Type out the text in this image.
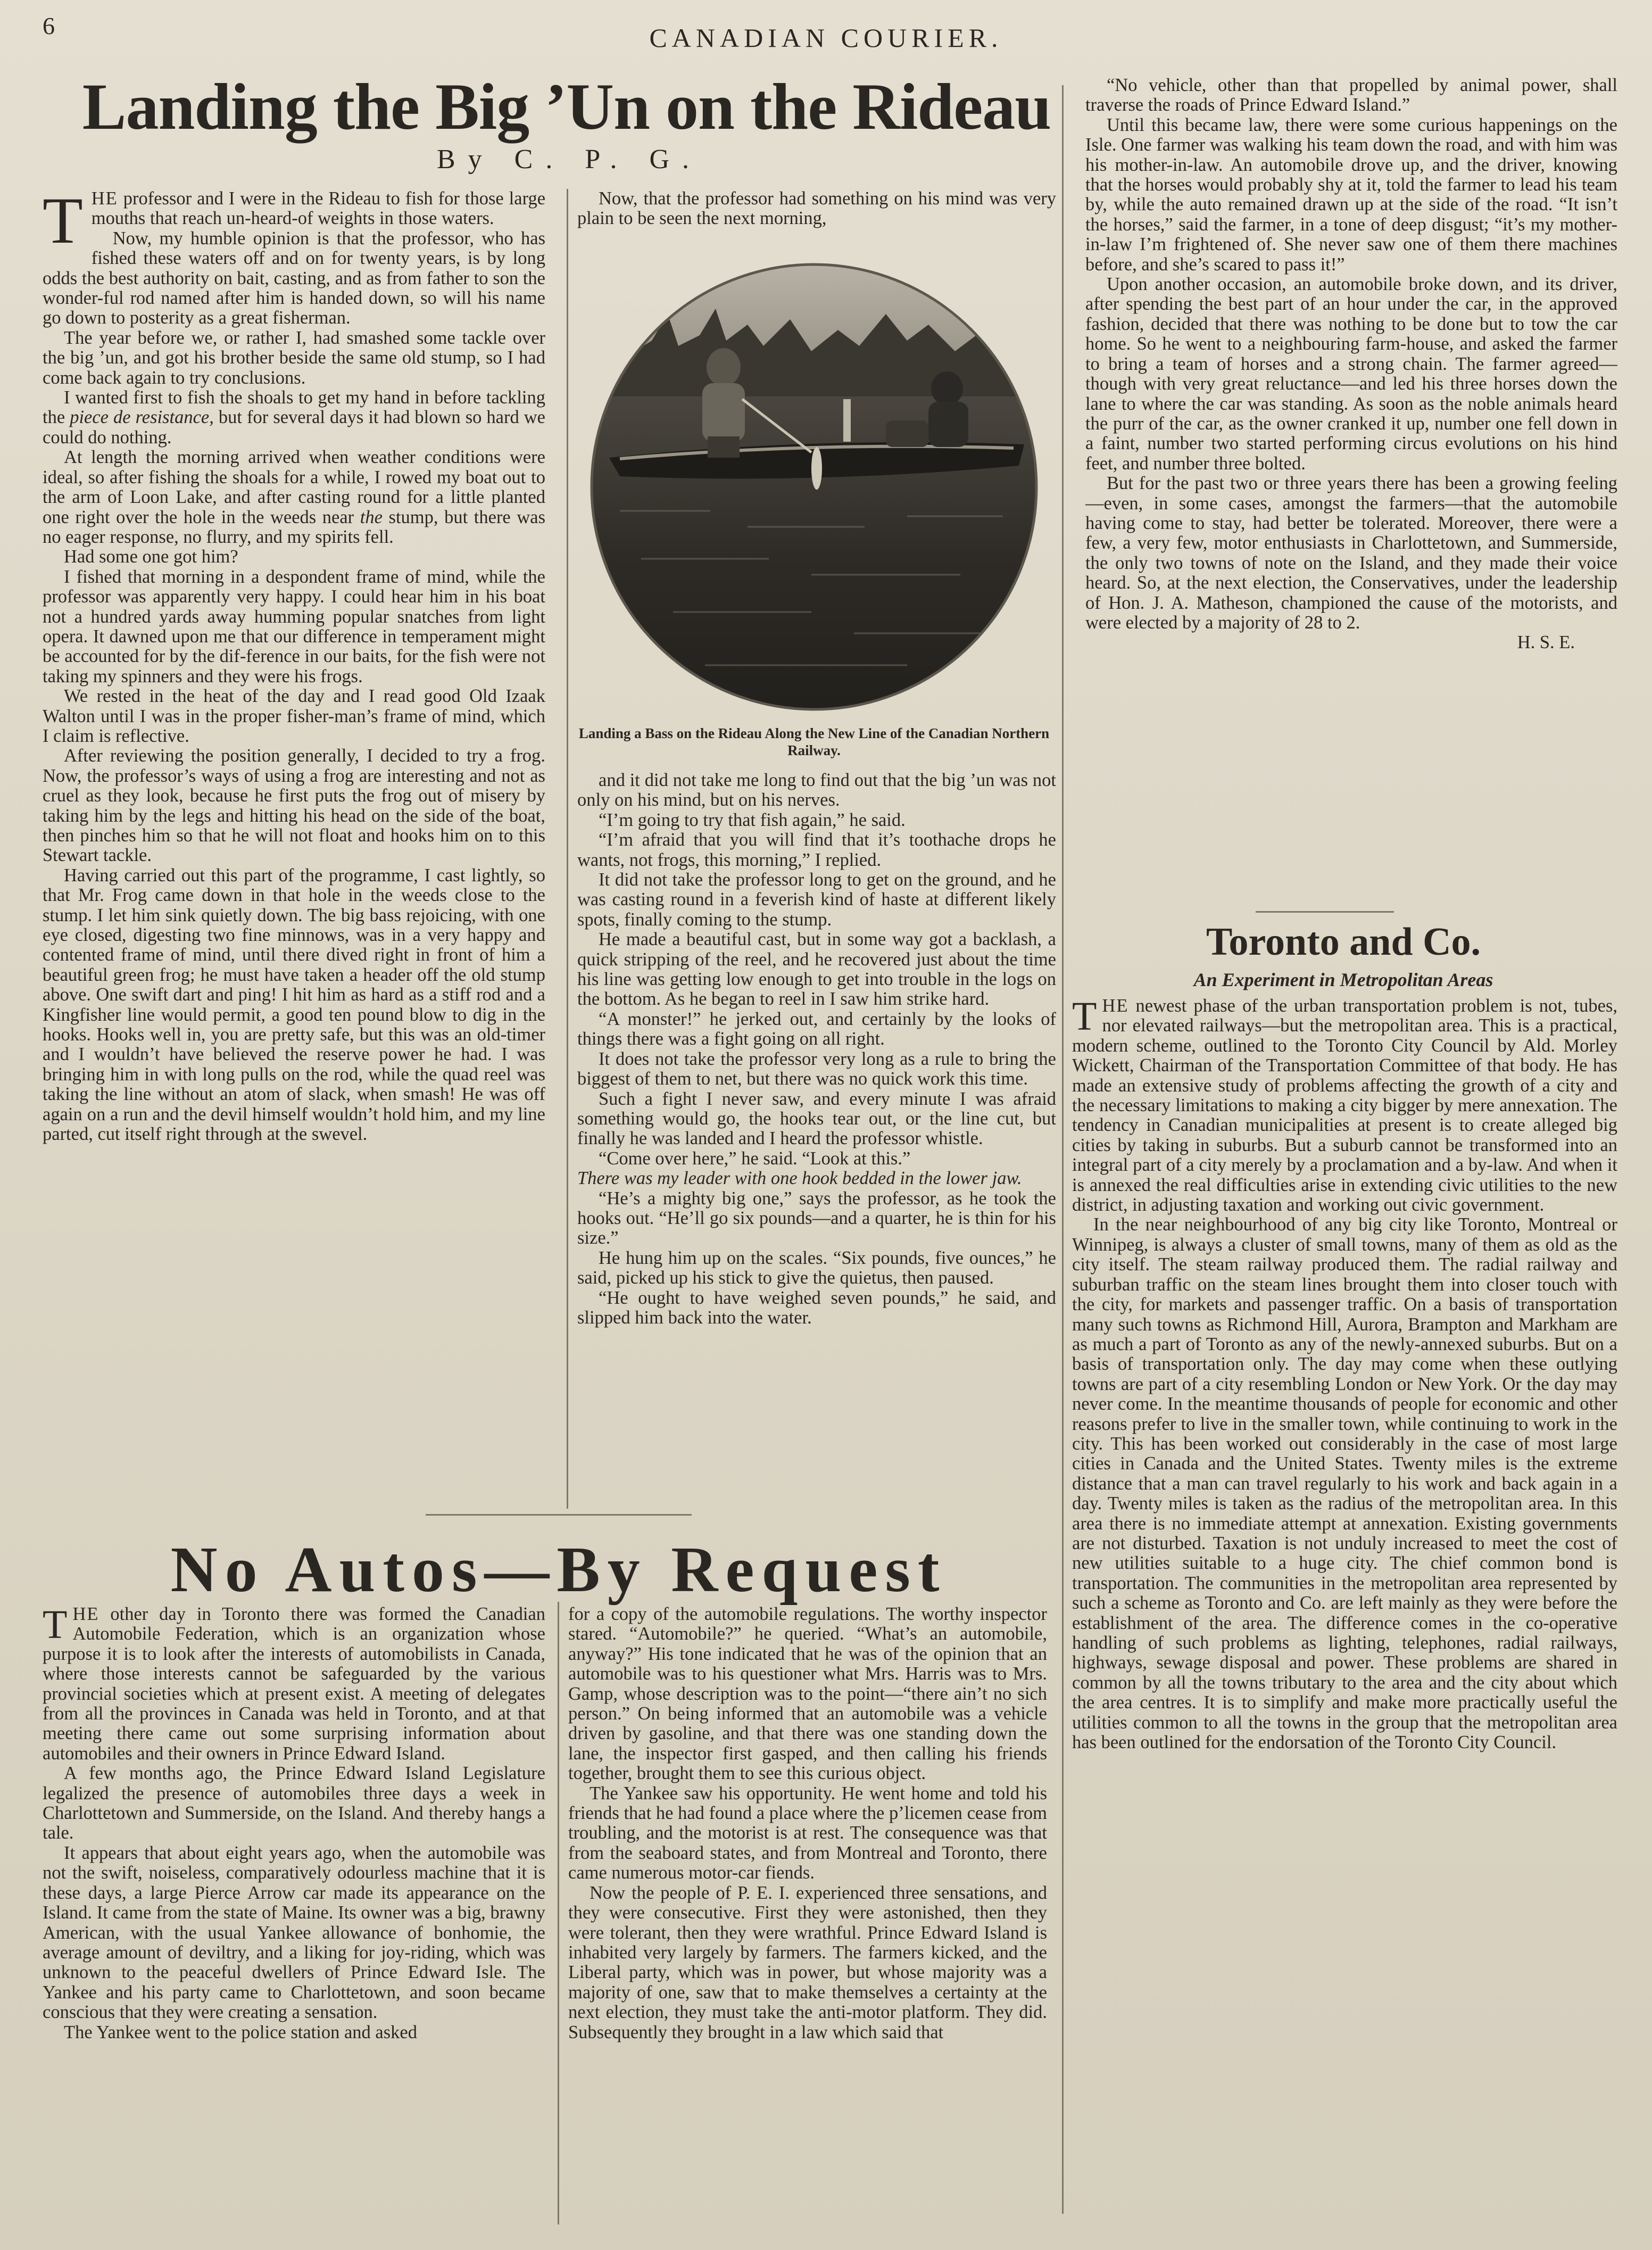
6	CANADIAN COURIER.
Landing the Big ’Un on the Rideau
By C. P. G.

THE professor and I were in the Rideau to fish for those large mouths that reach un-heard-of weights in those waters.

Now, my humble opinion is that the professor, who has fished these waters off and on for twenty years, is by long odds the best authority on bait, casting, and as from father to son the wonder-ful rod named after him is handed down, so will his name go down to posterity as a great fisherman.

The year before we, or rather I, had smashed some tackle over the big ’un, and got his brother beside the same old stump, so I had come back again to try conclusions.

I wanted first to fish the shoals to get my hand in before tackling the piece de resistance, but for several days it had blown so hard we could do nothing.

At length the morning arrived when weather conditions were ideal, so after fishing the shoals for a while, I rowed my boat out to the arm of Loon Lake, and after casting round for a little planted one right over the hole in the weeds near the stump, but there was no eager response, no flurry, and my spirits fell.

Had some one got him?

I fished that morning in a despondent frame of mind, while the professor was apparently very happy. I could hear him in his boat not a hundred yards away humming popular snatches from light opera. It dawned upon me that our difference in temperament might be accounted for by the dif-ference in our baits, for the fish were not taking my spinners and they were his frogs.

We rested in the heat of the day and I read good Old Izaak Walton until I was in the proper fisher-man’s frame of mind, which I claim is reflective.

After reviewing the position generally, I decided to try a frog. Now, the professor’s ways of using a frog are interesting and not as cruel as they look, because he first puts the frog out of misery by taking him by the legs and hitting his head on the side of the boat, then pinches him so that he will not float and hooks him on to this Stewart tackle.

Having carried out this part of the programme, I cast lightly, so that Mr. Frog came down in that hole in the weeds close to the stump. I let him sink quietly down. The big bass rejoicing, with one eye closed, digesting two fine minnows, was in a very happy and contented frame of mind, until there dived right in front of him a beautiful green frog; he must have taken a header off the old stump above. One swift dart and ping! I hit him as hard as a stiff rod and a Kingfisher line would permit, a good ten pound blow to dig in the hooks. Hooks well in, you are pretty safe, but this was an old-timer and I wouldn’t have believed the reserve power he had. I was bringing him in with long pulls on the rod, while the quad reel was taking the line without an atom of slack, when smash! He was off again on a run and the devil himself wouldn’t hold him, and my line parted, cut itself right through at the swevel.

Now, that the professor had something on his mind was very plain to be seen the next morning,

Landing a Bass on the Rideau Along the New Line of the Canadian Northern Railway.

and it did not take me long to find out that the big ’un was not only on his mind, but on his nerves.

“I’m going to try that fish again,” he said.

“I’m afraid that you will find that it’s toothache drops he wants, not frogs, this morning,” I replied.

It did not take the professor long to get on the ground, and he was casting round in a feverish kind of haste at different likely spots, finally coming to the stump.

He made a beautiful cast, but in some way got a backlash, a quick stripping of the reel, and he recovered just about the time his line was getting low enough to get into trouble in the logs on the bottom. As he began to reel in I saw him strike hard.

“A monster!” he jerked out, and certainly by the looks of things there was a fight going on all right.

It does not take the professor very long as a rule to bring the biggest of them to net, but there was no quick work this time.

Such a fight I never saw, and every minute I was afraid something would go, the hooks tear out, or the line cut, but finally he was landed and I heard the professor whistle.

“Come over here,” he said. “Look at this.”

There was my leader with one hook bedded in the lower jaw.

“He’s a mighty big one,” says the professor, as he took the hooks out. “He’ll go six pounds—and a quarter, he is thin for his size.”

He hung him up on the scales. “Six pounds, five ounces,” he said, picked up his stick to give the quietus, then paused.

“He ought to have weighed seven pounds,” he said, and slipped him back into the water.

No Autos—By Request

THE other day in Toronto there was formed the Canadian Automobile Federation, which is an organization whose purpose it is to look after the interests of automobilists in Canada, where those interests cannot be safeguarded by the various provincial societies which at present exist. A meeting of delegates from all the provinces in Canada was held in Toronto, and at that meeting there came out some surprising information about automobiles and their owners in Prince Edward Island.

A few months ago, the Prince Edward Island Legislature legalized the presence of automobiles three days a week in Charlottetown and Summerside, on the Island. And thereby hangs a tale.

It appears that about eight years ago, when the automobile was not the swift, noiseless, comparatively odourless machine that it is these days, a large Pierce Arrow car made its appearance on the Island. It came from the state of Maine. Its owner was a big, brawny American, with the usual Yankee allowance of bonhomie, the average amount of deviltry, and a liking for joy-riding, which was unknown to the peaceful dwellers of Prince Edward Isle. The Yankee and his party came to Charlottetown, and soon became conscious that they were creating a sensation.

The Yankee went to the police station and asked

for a copy of the automobile regulations. The worthy inspector stared. “Automobile?” he queried. “What’s an automobile, anyway?” His tone indicated that he was of the opinion that an automobile was to his questioner what Mrs. Harris was to Mrs. Gamp, whose description was to the point—“there ain’t no sich person.” On being informed that an automobile was a vehicle driven by gasoline, and that there was one standing down the lane, the inspector first gasped, and then calling his friends together, brought them to see this curious object.

The Yankee saw his opportunity. He went home and told his friends that he had found a place where the p’licemen cease from troubling, and the motorist is at rest. The consequence was that from the seaboard states, and from Montreal and Toronto, there came numerous motor-car fiends.

Now the people of P. E. I. experienced three sensations, and they were consecutive. First they were astonished, then they were tolerant, then they were wrathful. Prince Edward Island is inhabited very largely by farmers. The farmers kicked, and the Liberal party, which was in power, but whose majority was a majority of one, saw that to make themselves a certainty at the next election, they must take the anti-motor platform. They did. Subsequently they brought in a law which said that

“No vehicle, other than that propelled by animal power, shall traverse the roads of Prince Edward Island.”

Until this became law, there were some curious happenings on the Isle. One farmer was walking his team down the road, and with him was his mother-in-law. An automobile drove up, and the driver, knowing that the horses would probably shy at it, told the farmer to lead his team by, while the auto remained drawn up at the side of the road. “It isn’t the horses,” said the farmer, in a tone of deep disgust; “it’s my mother-in-law I’m frightened of. She never saw one of them there machines before, and she’s scared to pass it!”

Upon another occasion, an automobile broke down, and its driver, after spending the best part of an hour under the car, in the approved fashion, decided that there was nothing to be done but to tow the car home. So he went to a neighbouring farm-house, and asked the farmer to bring a team of horses and a strong chain. The farmer agreed—though with very great reluctance—and led his three horses down the lane to where the car was standing. As soon as the noble animals heard the purr of the car, as the owner cranked it up, number one fell down in a faint, number two started performing circus evolutions on his hind feet, and number three bolted.

But for the past two or three years there has been a growing feeling—even, in some cases, amongst the farmers—that the automobile having come to stay, had better be tolerated. Moreover, there were a few, a very few, motor enthusiasts in Charlottetown, and Summerside, the only two towns of note on the Island, and they made their voice heard. So, at the next election, the Conservatives, under the leadership of Hon. J. A. Matheson, championed the cause of the motorists, and were elected by a majority of 28 to 2.

H. S. E.

Toronto and Co.
An Experiment in Metropolitan Areas

THE newest phase of the urban transportation problem is not, tubes, nor elevated railways—but the metropolitan area. This is a practical, modern scheme, outlined to the Toronto City Council by Ald. Morley Wickett, Chairman of the Transportation Committee of that body. He has made an extensive study of problems affecting the growth of a city and the necessary limitations to making a city bigger by mere annexation. The tendency in Canadian municipalities at present is to create alleged big cities by taking in suburbs. But a suburb cannot be transformed into an integral part of a city merely by a proclamation and a by-law. And when it is annexed the real difficulties arise in extending civic utilities to the new district, in adjusting taxation and working out civic government.

In the near neighbourhood of any big city like Toronto, Montreal or Winnipeg, is always a cluster of small towns, many of them as old as the city itself. The steam railway produced them. The radial railway and suburban traffic on the steam lines brought them into closer touch with the city, for markets and passenger traffic. On a basis of transportation many such towns as Richmond Hill, Aurora, Brampton and Markham are as much a part of Toronto as any of the newly-annexed suburbs. But on a basis of transportation only. The day may come when these outlying towns are part of a city resembling London or New York. Or the day may never come. In the meantime thousands of people for economic and other reasons prefer to live in the smaller town, while continuing to work in the city. This has been worked out considerably in the case of most large cities in Canada and the United States. Twenty miles is the extreme distance that a man can travel regularly to his work and back again in a day. Twenty miles is taken as the radius of the metropolitan area. In this area there is no immediate attempt at annexation. Existing governments are not disturbed. Taxation is not unduly increased to meet the cost of new utilities suitable to a huge city. The chief common bond is transportation. The communities in the metropolitan area represented by such a scheme as Toronto and Co. are left mainly as they were before the establishment of the area. The difference comes in the co-operative handling of such problems as lighting, telephones, radial railways, highways, sewage disposal and power. These problems are shared in common by all the towns tributary to the area and the city about which the area centres. It is to simplify and make more practically useful the utilities common to all the towns in the group that the metropolitan area has been outlined for the endorsation of the Toronto City Council.
